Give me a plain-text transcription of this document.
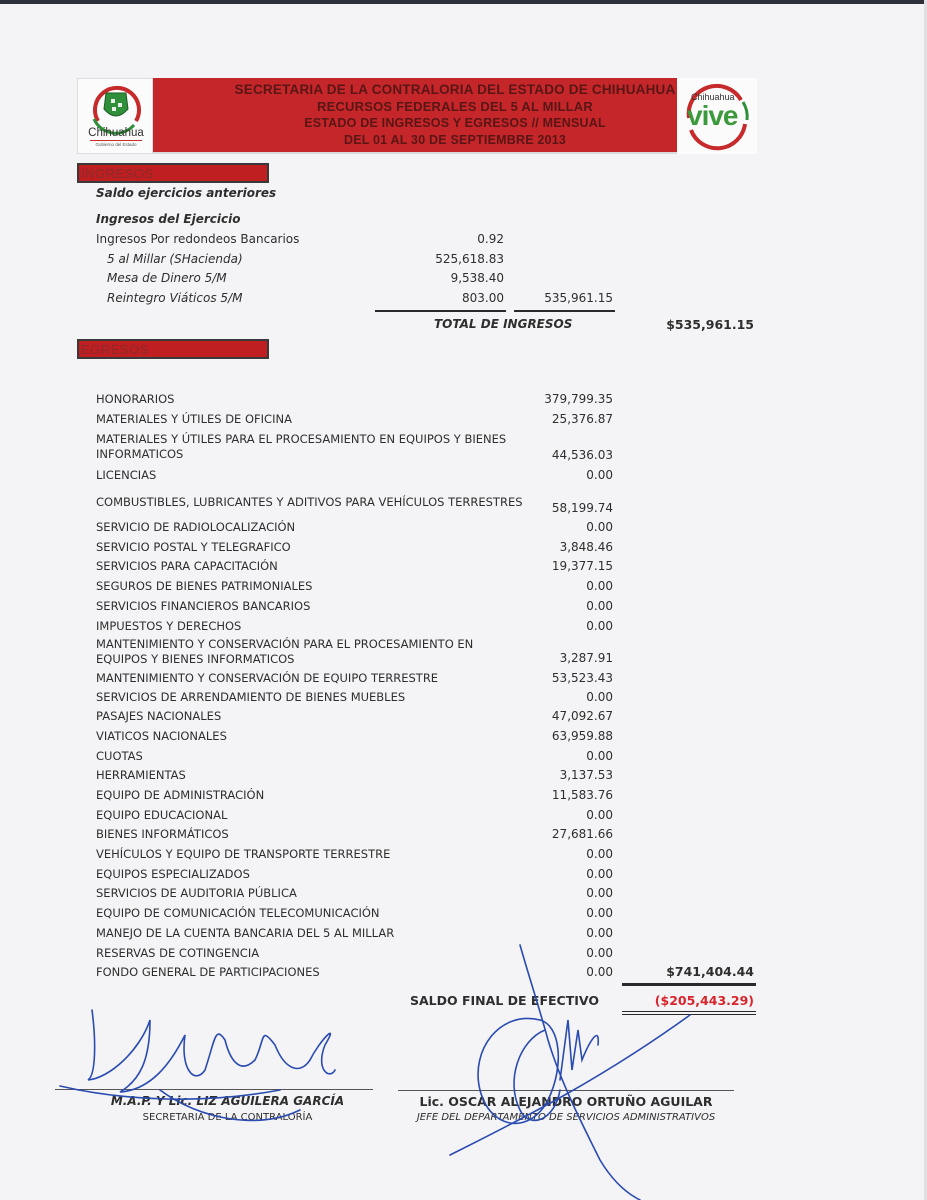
Chihuahua
Gobierno del Estado
SECRETARIA DE LA CONTRALORIA DEL ESTADO DE CHIHUAHUA
RECURSOS FEDERALES DEL 5 AL MILLAR
ESTADO DE INGRESOS Y EGRESOS // MENSUAL
DEL 01 AL 30 DE SEPTIEMBRE 2013
Chihuahua
vive
INGRESOS
Saldo ejercicios anteriores
Ingresos del Ejercicio
Ingresos Por redondeos Bancarios	0.92
5 al Millar (SHacienda)	525,618.83
Mesa de Dinero 5/M	9,538.40
Reintegro Viáticos 5/M	803.00	535,961.15
TOTAL DE INGRESOS	$535,961.15
EGRESOS
HONORARIOS	379,799.35
MATERIALES Y ÚTILES DE OFICINA	25,376.87
MATERIALES Y ÚTILES PARA EL PROCESAMIENTO EN EQUIPOS Y BIENES
INFORMATICOS	44,536.03
LICENCIAS	0.00
COMBUSTIBLES, LUBRICANTES Y ADITIVOS PARA VEHÍCULOS TERRESTRES	58,199.74
SERVICIO DE RADIOLOCALIZACIÓN	0.00
SERVICIO POSTAL Y TELEGRAFICO	3,848.46
SERVICIOS PARA CAPACITACIÓN	19,377.15
SEGUROS DE BIENES PATRIMONIALES	0.00
SERVICIOS FINANCIEROS BANCARIOS	0.00
IMPUESTOS Y DERECHOS	0.00
MANTENIMIENTO Y CONSERVACIÓN PARA EL PROCESAMIENTO EN
EQUIPOS Y BIENES INFORMATICOS	3,287.91
MANTENIMIENTO Y CONSERVACIÓN DE EQUIPO TERRESTRE	53,523.43
SERVICIOS DE ARRENDAMIENTO DE BIENES MUEBLES	0.00
PASAJES NACIONALES	47,092.67
VIATICOS NACIONALES	63,959.88
CUOTAS	0.00
HERRAMIENTAS	3,137.53
EQUIPO DE ADMINISTRACIÓN	11,583.76
EQUIPO EDUCACIONAL	0.00
BIENES INFORMÁTICOS	27,681.66
VEHÍCULOS Y EQUIPO DE TRANSPORTE TERRESTRE	0.00
EQUIPOS ESPECIALIZADOS	0.00
SERVICIOS DE AUDITORIA PÚBLICA	0.00
EQUIPO DE COMUNICACIÓN TELECOMUNICACIÓN	0.00
MANEJO DE LA CUENTA BANCARIA DEL 5 AL MILLAR	0.00
RESERVAS DE COTINGENCIA	0.00
FONDO GENERAL DE PARTICIPACIONES	0.00	$741,404.44
SALDO FINAL DE EFECTIVO	($205,443.29)
M.A.P. Y Lic. LIZ AGUILERA GARCÍA
SECRETARIA DE LA CONTRALORÍA
Lic. OSCAR ALEJANDRO ORTUÑO AGUILAR
JEFE DEL DEPARTAMENTO DE SERVICIOS ADMINISTRATIVOS
